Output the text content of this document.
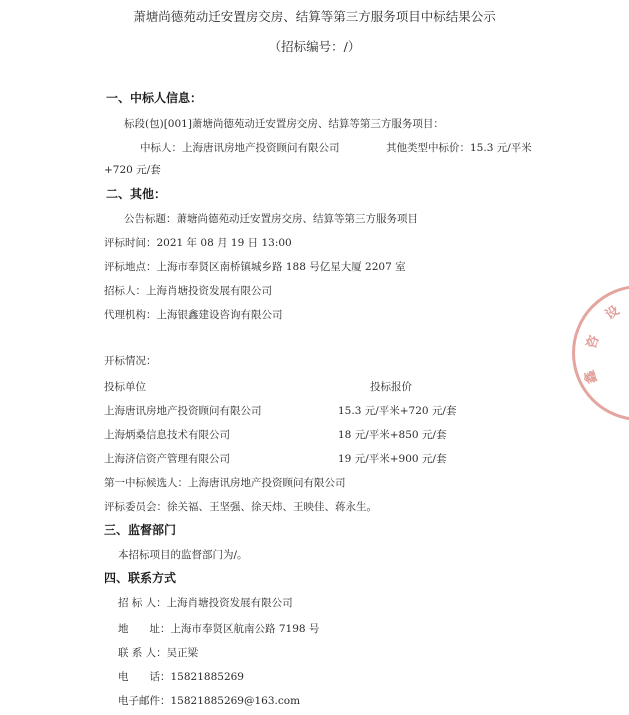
萧塘尚德苑动迁安置房交房、结算等第三方服务项目中标结果公示
（招标编号：/）
一、中标人信息：
标段(包)[001]萧塘尚德苑动迁安置房交房、结算等第三方服务项目：
中标人：上海唐讯房地产投资顾问有限公司	其他类型中标价：15.3 元/平米
+720 元/套
二、其他：
公告标题：萧塘尚德苑动迁安置房交房、结算等第三方服务项目
评标时间：2021 年 08 月 19 日 13:00
评标地点：上海市奉贤区南桥镇城乡路 188 号亿星大厦 2207 室
招标人：上海肖塘投资发展有限公司
代理机构：上海银鑫建设咨询有限公司
开标情况：
投标单位	投标报价
上海唐讯房地产投资顾问有限公司	15.3 元/平米+720 元/套
上海炳桑信息技术有限公司	18 元/平米+850 元/套
上海济信资产管理有限公司	19 元/平米+900 元/套
第一中标候选人：上海唐讯房地产投资顾问有限公司
评标委员会：徐关福、王坚强、徐天炜、王映佳、蒋永生。
三、监督部门
本招标项目的监督部门为/。
四、联系方式
招 标 人：上海肖塘投资发展有限公司
地　　址：上海市奉贤区航南公路 7198 号
联 系 人：吴正梁
电　　话：15821885269
电子邮件：15821885269@163.com
设
咨
鑫
